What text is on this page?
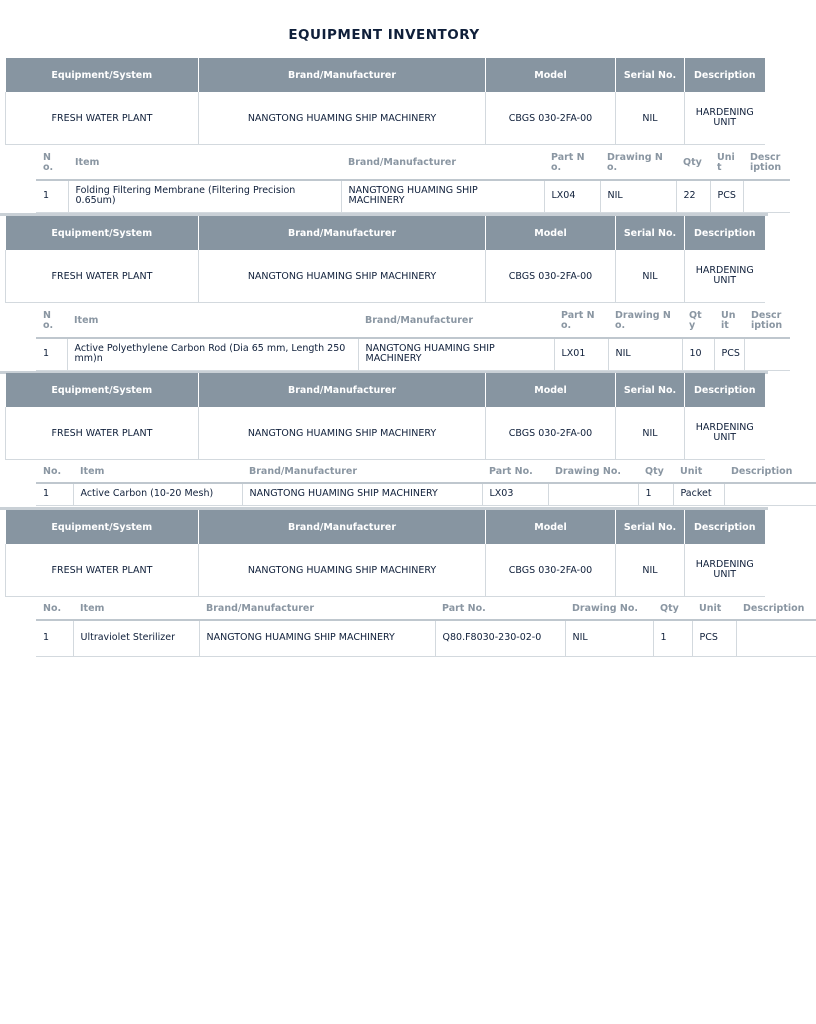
EQUIPMENT INVENTORY
Equipment/System	Brand/Manufacturer	Model	Serial No.	Description
FRESH WATER PLANT	NANGTONG HUAMING SHIP MACHINERY	CBGS 030-2FA-00	NIL	HARDENING UNIT
No.	Item	Brand/Manufacturer	Part No.	Drawing No.	Qty	Unit	Description
1	Folding Filtering Membrane (Filtering Precision 0.65um)	NANGTONG HUAMING SHIP MACHINERY	LX04	NIL	22	PCS	
Equipment/System	Brand/Manufacturer	Model	Serial No.	Description
FRESH WATER PLANT	NANGTONG HUAMING SHIP MACHINERY	CBGS 030-2FA-00	NIL	HARDENING UNIT
No.	Item	Brand/Manufacturer	Part No.	Drawing No.	Qty	Unit	Description
1	Active Polyethylene Carbon Rod (Dia 65 mm, Length 250 mm)n	NANGTONG HUAMING SHIP MACHINERY	LX01	NIL	10	PCS	
Equipment/System	Brand/Manufacturer	Model	Serial No.	Description
FRESH WATER PLANT	NANGTONG HUAMING SHIP MACHINERY	CBGS 030-2FA-00	NIL	HARDENING UNIT
No.	Item	Brand/Manufacturer	Part No.	Drawing No.	Qty	Unit	Description
1	Active Carbon (10-20 Mesh)	NANGTONG HUAMING SHIP MACHINERY	LX03		1	Packet	
Equipment/System	Brand/Manufacturer	Model	Serial No.	Description
FRESH WATER PLANT	NANGTONG HUAMING SHIP MACHINERY	CBGS 030-2FA-00	NIL	HARDENING UNIT
No.	Item	Brand/Manufacturer	Part No.	Drawing No.	Qty	Unit	Description
1	Ultraviolet Sterilizer	NANGTONG HUAMING SHIP MACHINERY	Q80.F8030-230-02-0	NIL	1	PCS	
